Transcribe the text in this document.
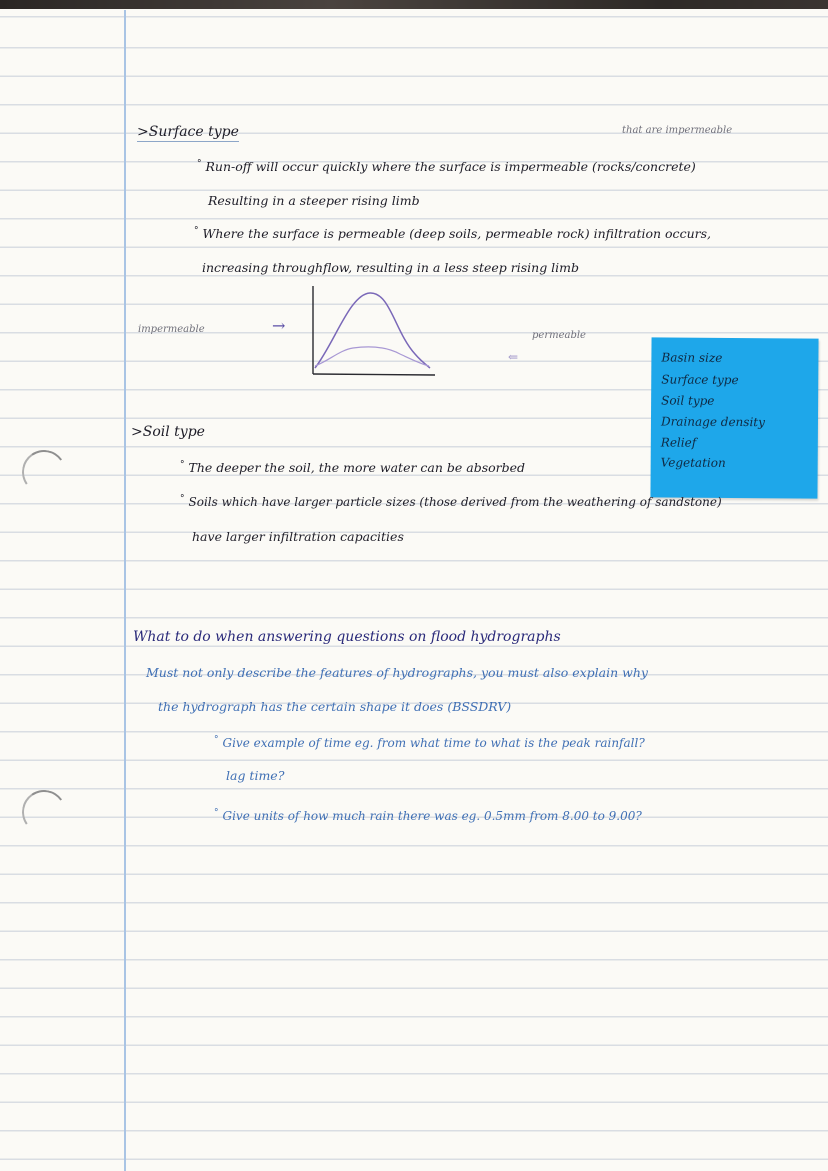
>Surface type	that are impermeable
° Run-off will occur quickly where the surface is impermeable (rocks/concrete)
Resulting in a steeper rising limb
° Where the surface is permeable (deep soils, permeable rock) infiltration occurs,
increasing throughflow, resulting in a less steep rising limb
impermeable	→
permeable
⇐	Basin size
Surface type
Soil type
Drainage density
Relief
Vegetation
>Soil type
° The deeper the soil, the more water can be absorbed
° Soils which have larger particle sizes (those derived from the weathering of sandstone)
have larger infiltration capacities
What to do when answering questions on flood hydrographs
Must not only describe the features of hydrographs, you must also explain why
the hydrograph has the certain shape it does (BSSDRV)
° Give example of time eg. from what time to what is the peak rainfall?
lag time?
° Give units of how much rain there was eg. 0.5mm from 8.00 to 9.00?
